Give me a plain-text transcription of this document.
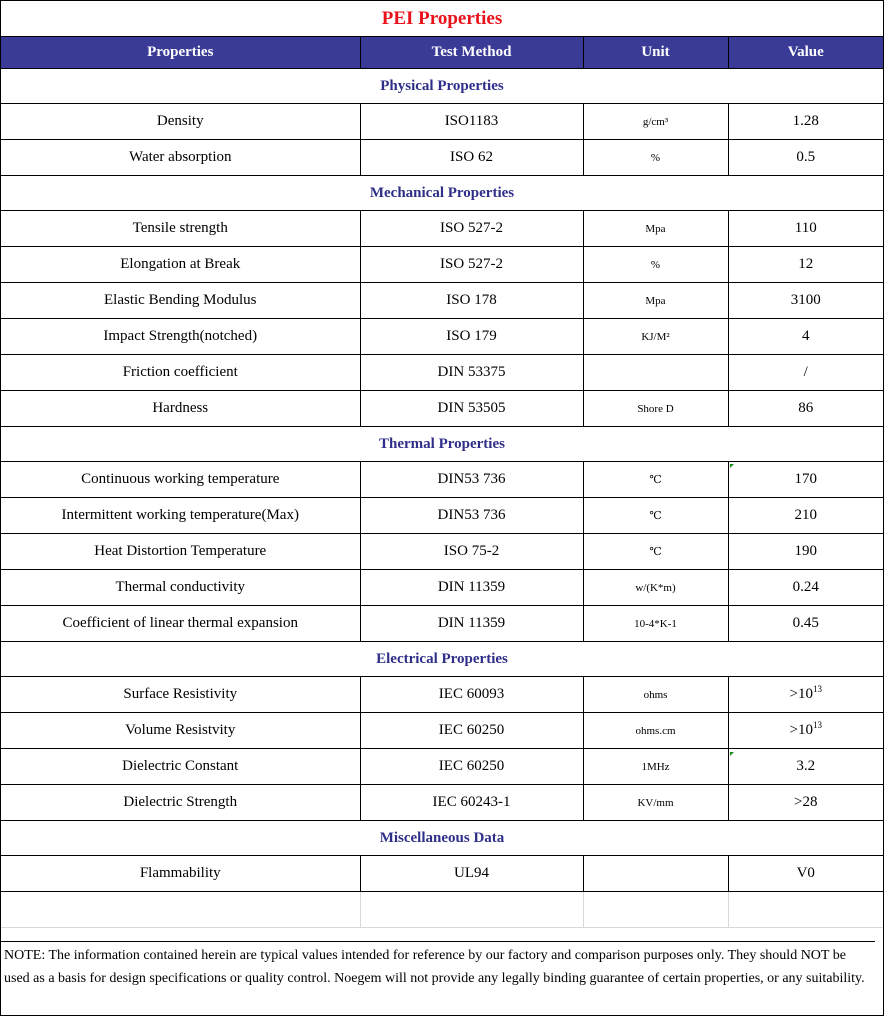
PEI Properties
Properties	Test Method	Unit	Value
Physical Properties			
Density	ISO1183	g/cm³	1.28
Water absorption	ISO 62	%	0.5
Mechanical Properties			
Tensile strength	ISO 527-2	Mpa	110
Elongation at Break	ISO 527-2	%	12
Elastic Bending Modulus	ISO 178	Mpa	3100
Impact Strength(notched)	ISO 179	KJ/M²	4
Friction coefficient	DIN 53375		/
Hardness	DIN 53505	Shore D	86
Thermal Properties			
Continuous working temperature	DIN53 736	℃	170
Intermittent working temperature(Max)	DIN53 736	℃	210
Heat Distortion Temperature	ISO 75-2	℃	190
Thermal conductivity	DIN 11359	w/(K*m)	0.24
Coefficient of linear thermal expansion	DIN 11359	10-4*K-1	0.45
Electrical Properties			
Surface Resistivity	IEC 60093	ohms	$>10^{13}$
Volume Resistvity	IEC 60250	ohms.cm	$>10^{13}$
Dielectric Constant	IEC 60250	1MHz	3.2
Dielectric Strength	IEC 60243-1	KV/mm	>28
Miscellaneous Data			
Flammability	UL94		V0

NOTE: The information contained herein are typical values intended for reference by our factory and comparison purposes only. They should NOT be used as a basis for design specifications or quality control. Noegem will not provide any legally binding guarantee of certain properties, or any suitability.
